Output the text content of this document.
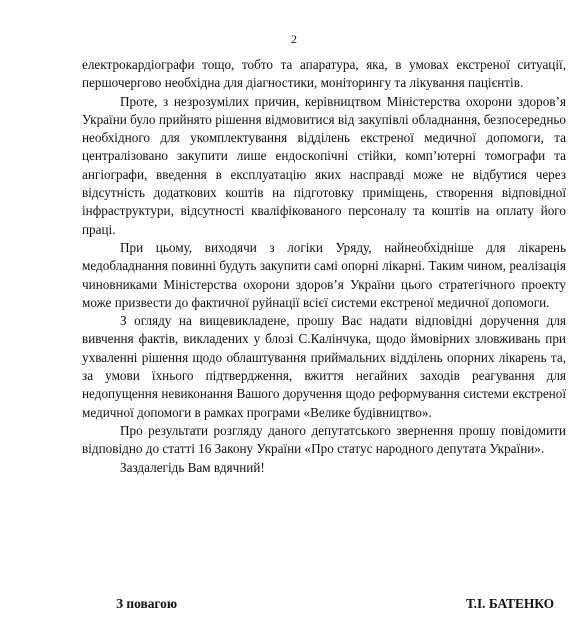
2

електрокардіографи тощо, тобто та апаратура, яка, в умовах екстреної ситуації, першочергово необхідна для діагностики, моніторингу та лікування пацієнтів.

Проте, з незрозумілих причин, керівництвом Міністерства охорони здоров’я України було прийнято рішення відмовитися від закупівлі обладнання, безпосередньо необхідного для укомплектування відділень екстреної медичної допомоги, та централізовано закупити лише ендоскопічні стійки, комп’ютерні томографи та ангіографи, введення в експлуатацію яких насправді може не відбутися через відсутність додаткових коштів на підготовку приміщень, створення відповідної інфраструктури, відсутності кваліфікованого персоналу та коштів на оплату його праці.

При цьому, виходячи з логіки Уряду, найнеобхідніше для лікарень медобладнання повинні будуть закупити самі опорні лікарні. Таким чином, реалізація чиновниками Міністерства охорони здоров’я України цього стратегічного проекту може призвести до фактичної руйнації всієї системи екстреної медичної допомоги.

З огляду на вищевикладене, прошу Вас надати відповідні доручення для вивчення фактів, викладених у блозі С.Калінчука, щодо ймовірних зловживань при ухваленні рішення щодо облаштування приймальних відділень опорних лікарень та, за умови їхнього підтвердження, вжиття негайних заходів реагування для недопущення невиконання Вашого доручення щодо реформування системи екстреної медичної допомоги в рамках програми «Велике будівництво».

Про результати розгляду даного депутатського звернення прошу повідомити відповідно до статті 16 Закону України «Про статус народного депутата України».

Заздалегідь Вам вдячний!

З повагою	Т.І. БАТЕНКО
